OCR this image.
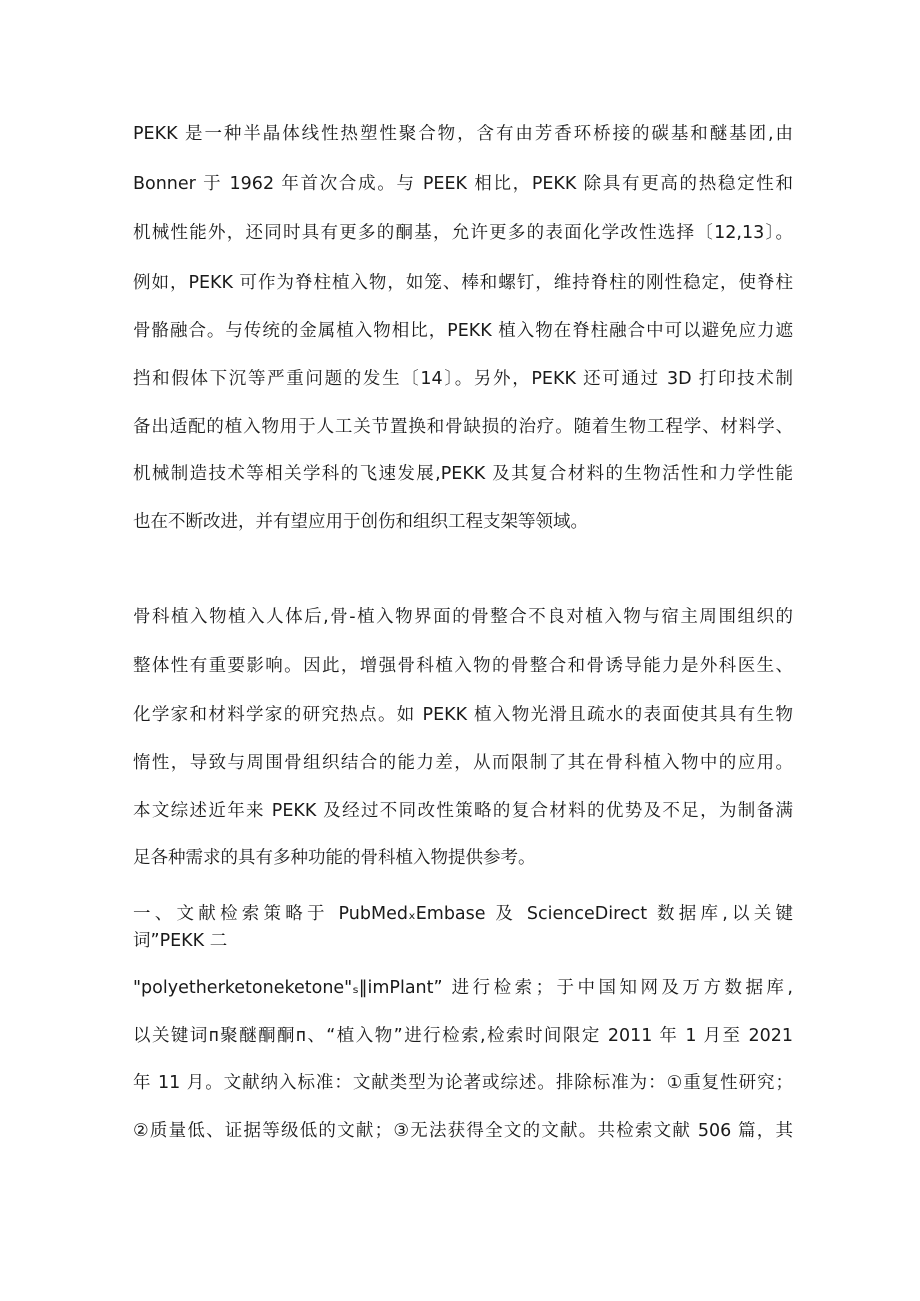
PEKK 是一种半晶体线性热塑性聚合物，含有由芳香环桥接的碳基和醚基团,由
Bonner 于 1962 年首次合成。与 PEEK 相比，PEKK 除具有更高的热稳定性和
机械性能外，还同时具有更多的酮基，允许更多的表面化学改性选择〔12,13〕。
例如，PEKK 可作为脊柱植入物，如笼、棒和螺钉，维持脊柱的刚性稳定，使脊柱
骨骼融合。与传统的金属植入物相比，PEKK 植入物在脊柱融合中可以避免应力遮
挡和假体下沉等严重问题的发生〔14〕。另外，PEKK 还可通过 3D 打印技术制
备出适配的植入物用于人工关节置换和骨缺损的治疗。随着生物工程学、材料学、
机械制造技术等相关学科的飞速发展,PEKK 及其复合材料的生物活性和力学性能
也在不断改进，并有望应用于创伤和组织工程支架等领域。
骨科植入物植入人体后,骨-植入物界面的骨整合不良对植入物与宿主周围组织的
整体性有重要影响。因此，增强骨科植入物的骨整合和骨诱导能力是外科医生、
化学家和材料学家的研究热点。如 PEKK 植入物光滑且疏水的表面使其具有生物
惰性，导致与周围骨组织结合的能力差，从而限制了其在骨科植入物中的应用。
本文综述近年来 PEKK 及经过不同改性策略的复合材料的优势及不足，为制备满
足各种需求的具有多种功能的骨科植入物提供参考。
一、文献检索策略于 PubMedₓEmbase 及 ScienceDirect 数据库,以关键
词”PEKK 二
"polyetherketoneketone"ₛ‖imPlant” 进行检索；于中国知网及万方数据库,
以关键词ᴨ聚醚酮酮ᴨ、“植入物”进行检索,检索时间限定 2011 年 1 月至 2021
年 11 月。文献纳入标准：文献类型为论著或综述。排除标准为：①重复性研究；
②质量低、证据等级低的文献；③无法获得全文的文献。共检索文献 506 篇，其
